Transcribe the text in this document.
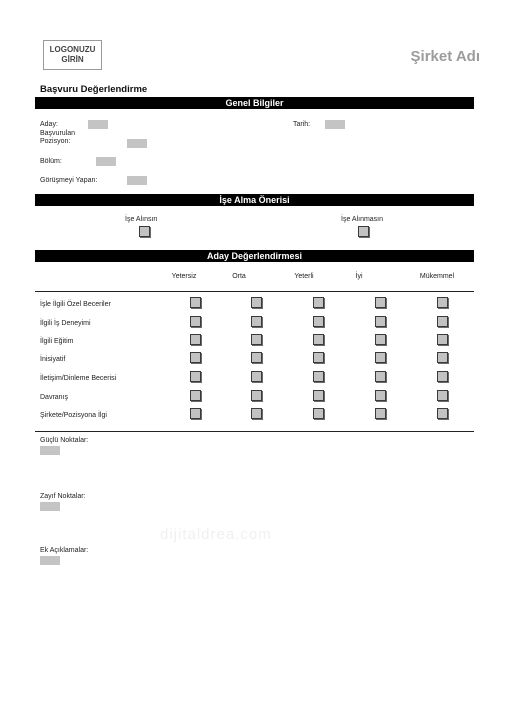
LOGONUZU
GİRİN	Şirket Adı
Başvuru Değerlendirme
Genel Bilgiler
Aday:	Tarih:
Başvurulan
Pozisyon:
Bölüm:
Görüşmeyi Yapan:
İşe Alma Önerisi
İşe Alınsın	İşe Alınmasın
Aday Değerlendirmesi
Yetersiz	Orta	Yeterli	İyi	Mükemmel
İşle İlgili Özel Beceriler
İlgili İş Deneyimi
İlgili Eğitim
İnisiyatif
İletişim/Dinleme Becerisi
Davranış
Şirkete/Pozisyona İlgi
Güçlü Noktalar:
Zayıf Noktalar:
dijitaldrea.com
Ek Açıklamalar:
